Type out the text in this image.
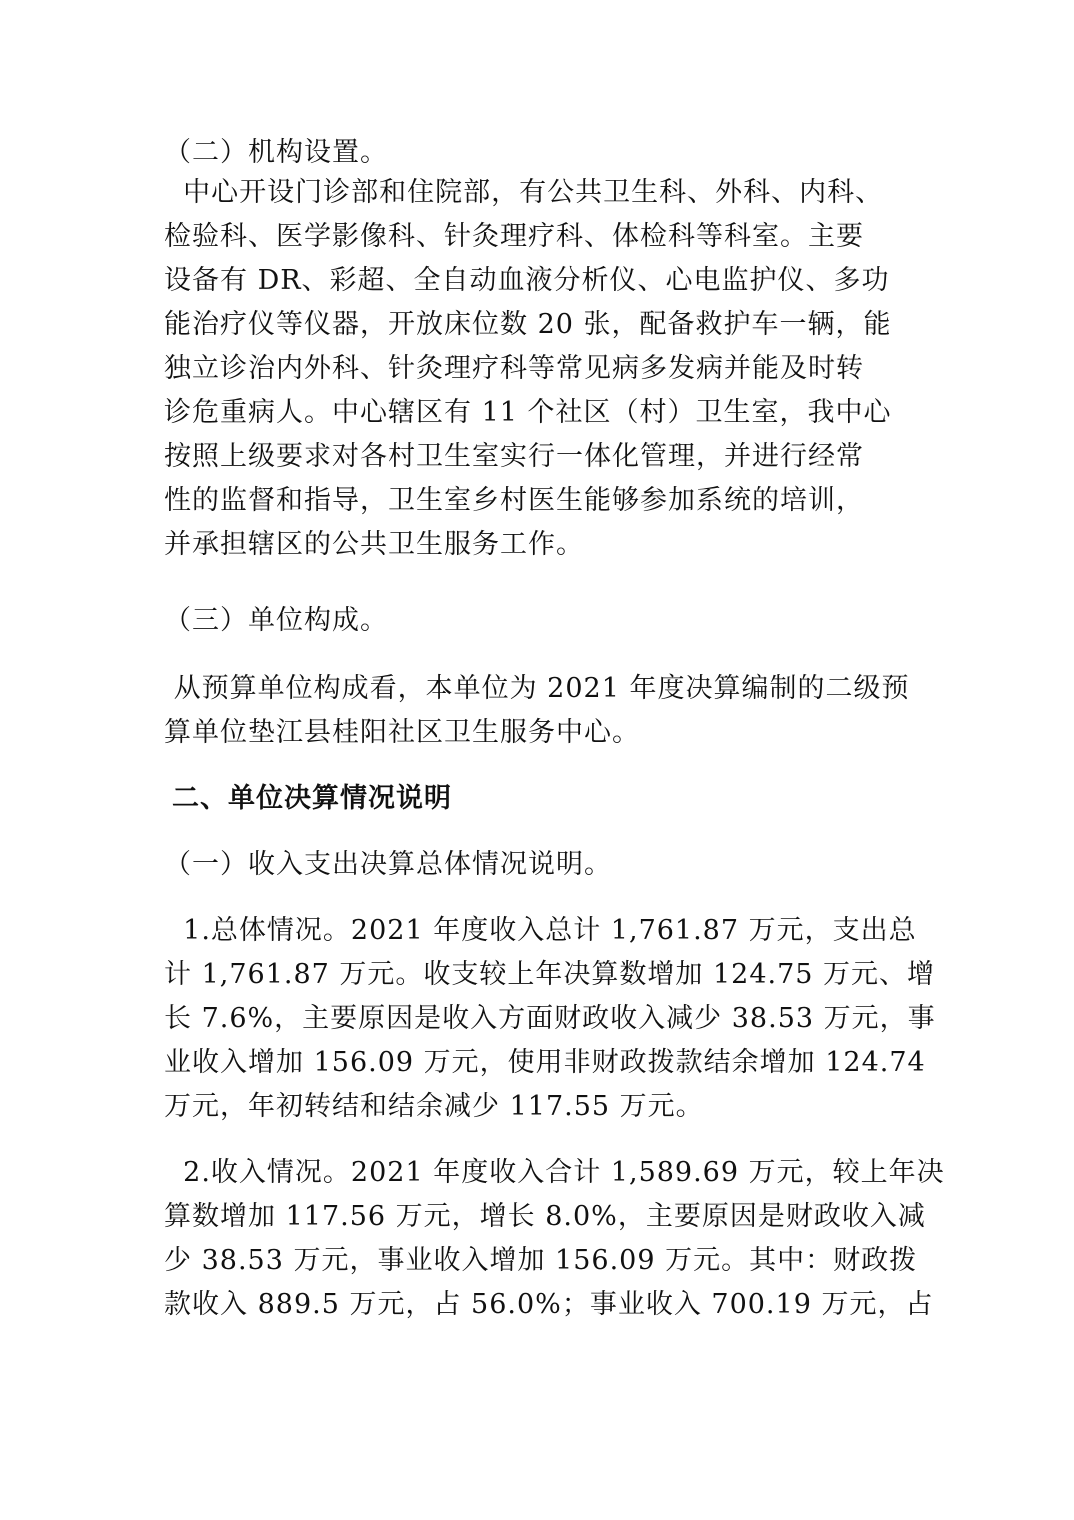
（二）机构设置。
中心开设门诊部和住院部，有公共卫生科、外科、内科、
检验科、医学影像科、针灸理疗科、体检科等科室。主要
设备有 DR、彩超、全自动血液分析仪、心电监护仪、多功
能治疗仪等仪器，开放床位数 20 张，配备救护车一辆，能
独立诊治内外科、针灸理疗科等常见病多发病并能及时转
诊危重病人。中心辖区有 11 个社区（村）卫生室，我中心
按照上级要求对各村卫生室实行一体化管理，并进行经常
性的监督和指导，卫生室乡村医生能够参加系统的培训，
并承担辖区的公共卫生服务工作。
（三）单位构成。
从预算单位构成看，本单位为 2021 年度决算编制的二级预
算单位垫江县桂阳社区卫生服务中心。
二、单位决算情况说明
（一）收入支出决算总体情况说明。
1.总体情况。2021 年度收入总计 1,761.87 万元，支出总
计 1,761.87 万元。收支较上年决算数增加 124.75 万元、增
长 7.6%，主要原因是收入方面财政收入减少 38.53 万元，事
业收入增加 156.09 万元，使用非财政拨款结余增加 124.74
万元，年初转结和结余减少 117.55 万元。
2.收入情况。2021 年度收入合计 1,589.69 万元，较上年决
算数增加 117.56 万元，增长 8.0%，主要原因是财政收入减
少 38.53 万元，事业收入增加 156.09 万元。其中：财政拨
款收入 889.5 万元，占 56.0%；事业收入 700.19 万元，占
